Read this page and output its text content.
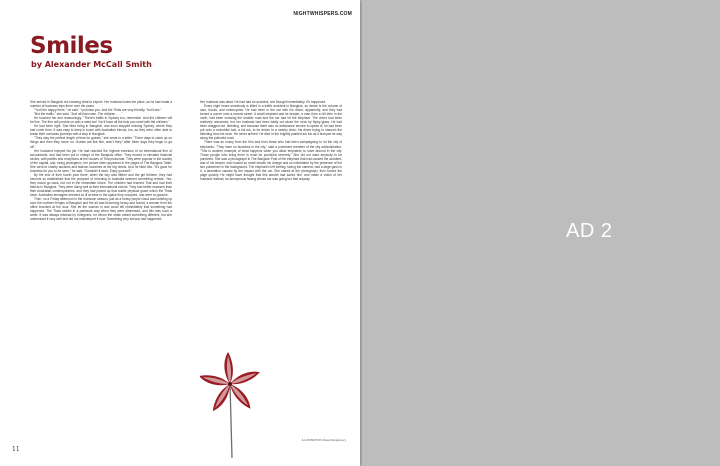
NIGHTWHISPERS.COM
Smiles
by Alexander McCall Smith

She arrived in Bangkok not knowing what to expect. Her husband knew the place, as he had made a number of business trips there over the years.

"You'll be happy there," he said. "I promise you. And the Thais are very friendly. You'll see."

"But the traffic," she said. "And all that noise. The children . . . "

He touched her arm reassuringly. "There's traffic in Sydney too, remember. And the children will be fine. The firm will provide us with a maid too! You'll have all the help you need with the children."

He had been right. She liked living in Bangkok, and soon stopped missing Sydney, where they had come from. It was easy to keep in touch with Australian friends, too, as they were often able to break their overseas journeys with a stop in Bangkok.

"They stay the perfect length of time for guests," she wrote in a letter. "Three days to catch up on things and then they move on. Guests are like fish, aren't they? After three days they begin to go off."

Her husband enjoyed his job. He had reached the highest echelons of an international firm of accountants, and had been put in charge of the Bangkok office. They moved in elevated financial circles, with parties and receptions at the houses of Thai plutocrats. They were popular in the society of the capital, and, being photogenic, her picture often appeared in the pages of The Bangkok Tatler. She went to charity auctions and fashion launches at the big hotels. And he liked this. "It's good for business for you to be seen," he said. "Consider it work. Enjoy yourself."

By the end of their fourth year there, when the boy was fifteen and the girl thirteen, they had become so established that the prospect of returning to Australia seemed something remote. Yes, they would go back, but not in the immediate future. The children had learned Thai and had their friends in Bangkok. They were doing well at their international school. They had better manners than their Australian contemporaries, and they had picked up that subtle physical grace which the Thais have. Australian teenagers seemed so ill at ease in the space they occupied, and were so gauche.

Then, on a Friday afternoon in the monsoon season, just as a heavy purple cloud was building up over the northern fringes of Bangkok and the air was becoming heavy and humid, a woman from the office knocked at the door. She let the woman in and could tell immediately that something had happened. The Thais smiled in a particular way when they were distressed, and this was such a smile. It was always misread by foreigners, for whom the smile meant something different, but she understood it very well and did not misinterpret it now. Something very serious had happened.

Her husband was dead. He had had an accident, she thought immediately. It's happened.

Every night hears somebody is killed in a traffic accident in Bangkok, so dense is the volume of cars, trucks, and motorcycles. He had been in the car with his driver, apparently, and they had turned a corner onto a narrow street. A small elephant and its keeper, a man from a hill tribe in the north, had been crossing the smaller road and the car had hit the elephant. The driver had been relatively unharmed, but her husband had been badly cut about the neck by flying glass. He had been dragged out, bleeding, and because there was no ambulance service to speak of, he had been put onto a motorbike taxi, a tuk tuk, to be driven to a nearby clinic; his driver trying to staunch the bleeding from his neck. He never arrived. He died in the brightly painted tuk tuk as it bumped its way along the potholed road.

There was an outcry from the firm and from those who had been campaigning to rid the city of elephants. "They have no business in the city," said a prominent member of the city administration. "This is another example of what happens when you allow elephants to roam around in the city. Those people who bring them in must be punished severely." She did not want anybody to be punished. She saw a photograph in The Bangkok Post of the elephant that had caused the accident, and of his keeper, who looked so small beside his charge and so intimidated by the presence of the two policemen in the background. The elephant's left foreleg, facing the camera, had a large gash in it, a laceration caused by the impact with the car. She stared at the photograph, then turned the page quickly. He might have thought that this amulet had saved him, and made a victim of her husband instead, an anonymous farang whose car was going too fast anyway.

ILLUSTRATION: Dave Montgomery
11
AD 2
